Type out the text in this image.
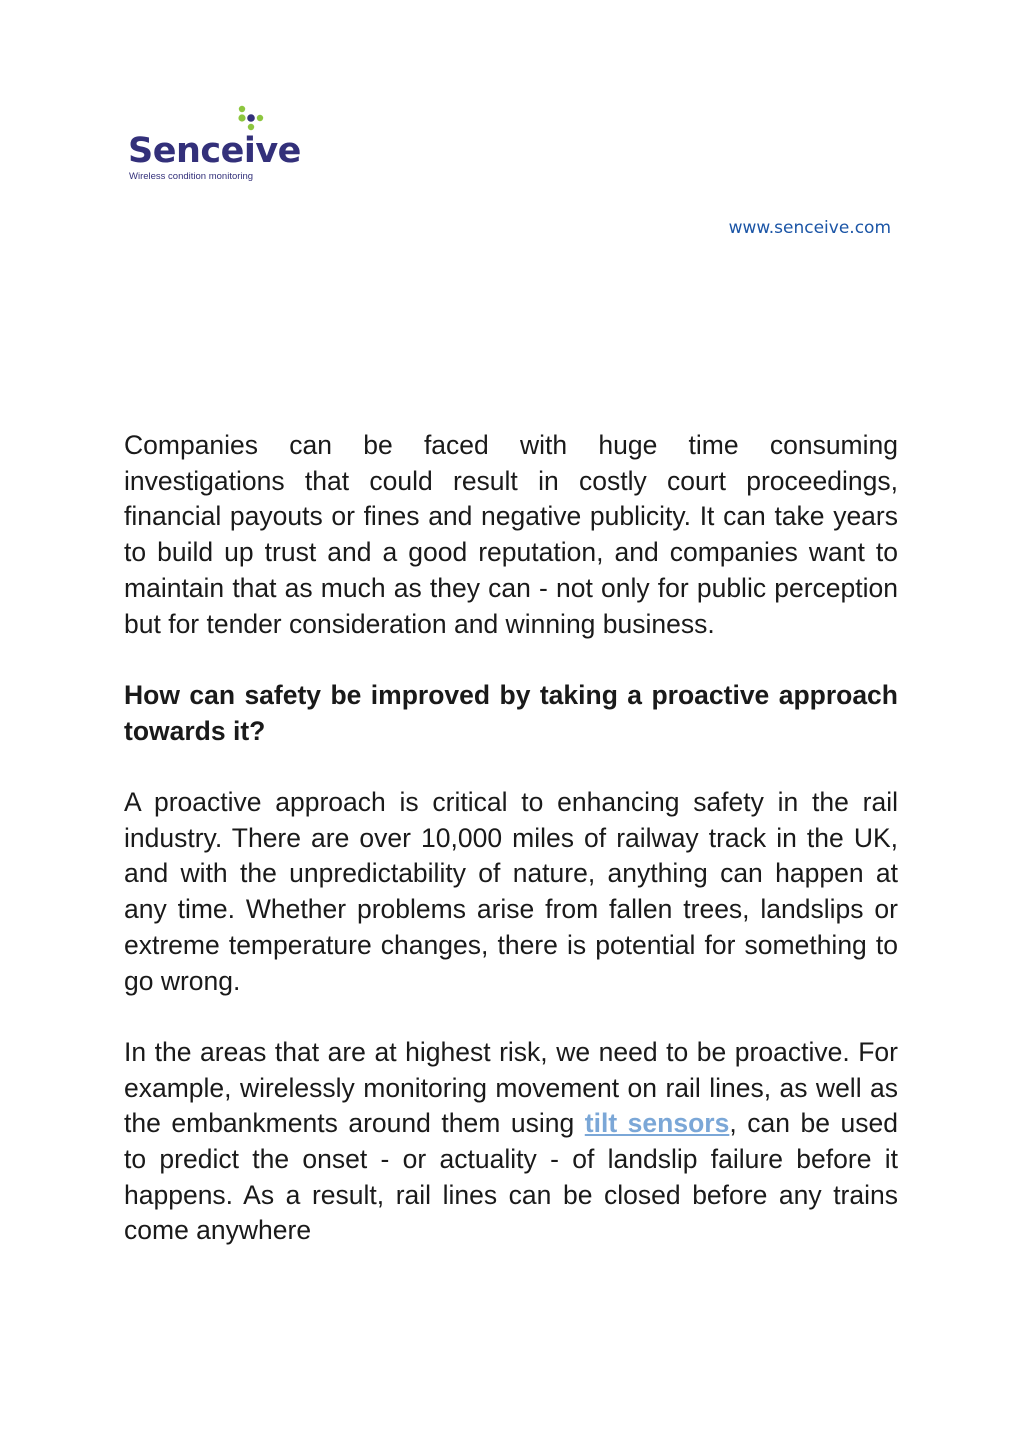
Senceive
Wireless condition monitoring
www.senceive.com

Companies can be faced with huge time consuming investigations that could result in costly court proceedings, financial payouts or fines and negative publicity. It can take years to build up trust and a good reputation, and companies want to maintain that as much as they can - not only for public perception but for tender consideration and winning business.

How can safety be improved by taking a proactive approach towards it?

A proactive approach is critical to enhancing safety in the rail industry. There are over 10,000 miles of railway track in the UK, and with the unpredictability of nature, anything can happen at any time. Whether problems arise from fallen trees, landslips or extreme temperature changes, there is potential for something to go wrong.

In the areas that are at highest risk, we need to be proactive. For example, wirelessly monitoring movement on rail lines, as well as the embankments around them using tilt sensors, can be used to predict the onset - or actuality - of landslip failure before it happens. As a result, rail lines can be closed before any trains come anywhere
